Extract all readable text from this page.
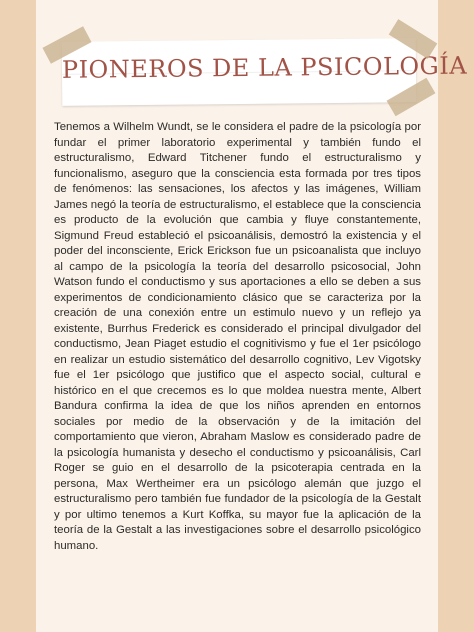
PIONEROS DE LA PSICOLOGÍA

Tenemos a Wilhelm Wundt, se le considera el padre de la psicología por fundar el primer laboratorio experimental y también fundo el estructuralismo, Edward Titchener fundo el estructuralismo y funcionalismo, aseguro que la consciencia esta formada por tres tipos de fenómenos: las sensaciones, los afectos y las imágenes, William James negó la teoría de estructuralismo, el establece que la consciencia es producto de la evolución que cambia y fluye constantemente, Sigmund Freud estableció el psicoanálisis, demostró la existencia y el poder del inconsciente, Erick Erickson fue un psicoanalista que incluyo al campo de la psicología la teoría del desarrollo psicosocial, John Watson fundo el conductismo y sus aportaciones a ello se deben a sus experimentos de condicionamiento clásico que se caracteriza por la creación de una conexión entre un estimulo nuevo y un reflejo ya existente, Burrhus Frederick es considerado el principal divulgador del conductismo, Jean Piaget estudio el cognitivismo y fue el 1er psicólogo en realizar un estudio sistemático del desarrollo cognitivo, Lev Vigotsky fue el 1er psicólogo que justifico que el aspecto social, cultural e histórico en el que crecemos es lo que moldea nuestra mente, Albert Bandura confirma la idea de que los niños aprenden en entornos sociales por medio de la observación y de la imitación del comportamiento que vieron, Abraham Maslow es considerado padre de la psicología humanista y desecho el conductismo y psicoanálisis, Carl Roger se guio en el desarrollo de la psicoterapia centrada en la persona, Max Wertheimer era un psicólogo alemán que juzgo el estructuralismo pero también fue fundador de la psicología de la Gestalt y por ultimo tenemos a Kurt Koffka, su mayor fue la aplicación de la teoría de la Gestalt a las investigaciones sobre el desarrollo psicológico humano.
